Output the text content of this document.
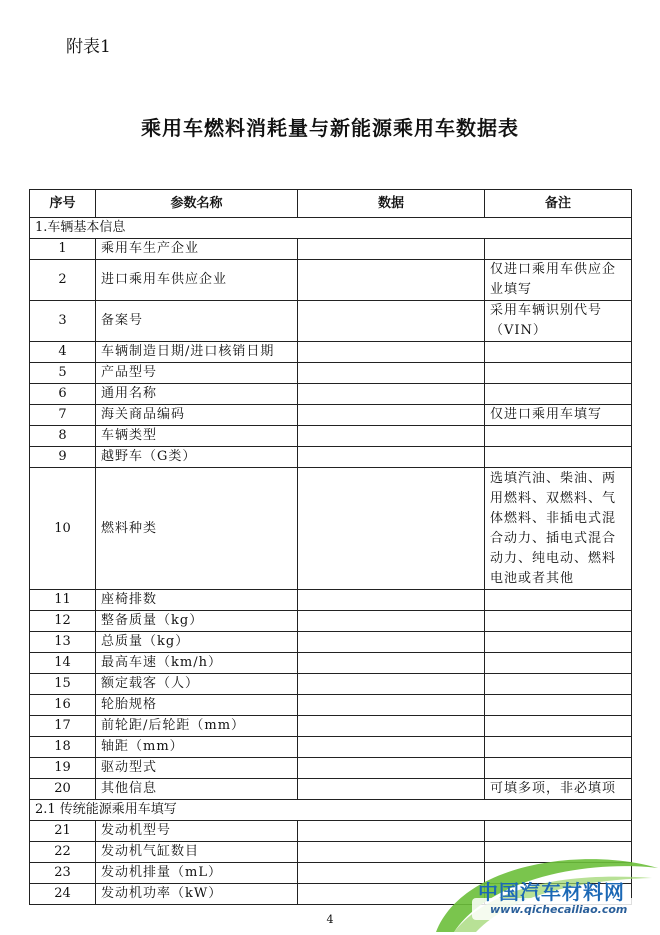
附表1
乘用车燃料消耗量与新能源乘用车数据表
序号	参数名称	数据	备注
1.车辆基本信息			
1	乘用车生产企业		
2	进口乘用车供应企业		仅进口乘用车供应企业填写
3	备案号		采用车辆识别代号（VIN）
4	车辆制造日期/进口核销日期		
5	产品型号		
6	通用名称		
7	海关商品编码		仅进口乘用车填写
8	车辆类型		
9	越野车（G类）		
10	燃料种类		选填汽油、柴油、两用燃料、双燃料、气体燃料、非插电式混合动力、插电式混合动力、纯电动、燃料电池或者其他
11	座椅排数		
12	整备质量（kg）		
13	总质量（kg）		
14	最高车速（km/h）		
15	额定载客（人）		
16	轮胎规格		
17	前轮距/后轮距（mm）		
18	轴距（mm）		
19	驱动型式		
20	其他信息		可填多项，非必填项
2.1 传统能源乘用车填写			
21	发动机型号		
22	发动机气缸数目		
23	发动机排量（mL）		
24	发动机功率（kW）		
4
中国汽车材料网
www.qichecailiao.com
